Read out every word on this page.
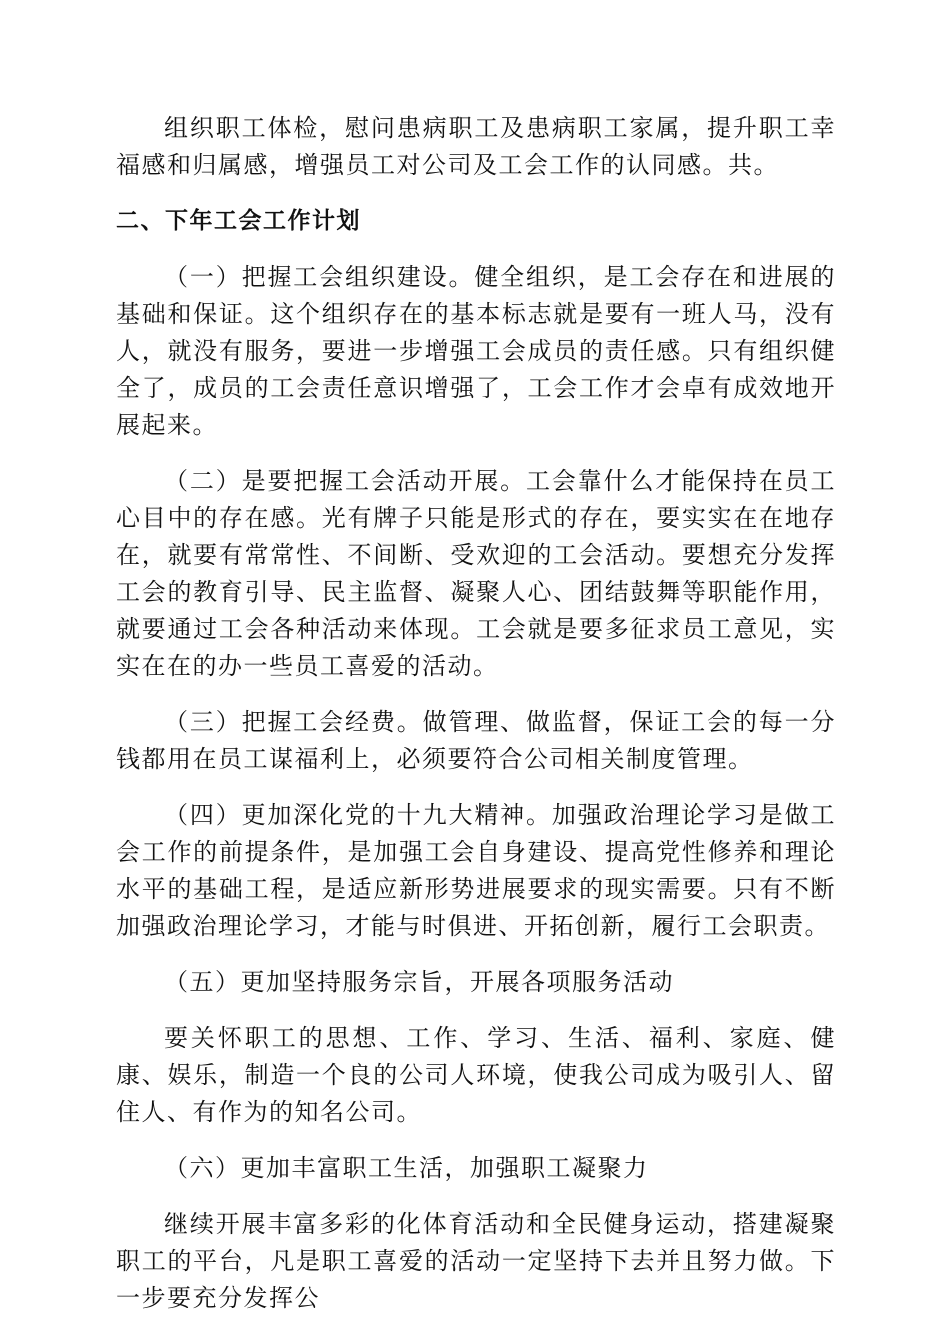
组织职工体检，慰问患病职工及患病职工家属，提升职工幸福感和归属感，增强员工对公司及工会工作的认同感。共。

二、下年工会工作计划

（一）把握工会组织建设。健全组织，是工会存在和进展的基础和保证。这个组织存在的基本标志就是要有一班人马，没有人，就没有服务，要进一步增强工会成员的责任感。只有组织健全了，成员的工会责任意识增强了，工会工作才会卓有成效地开展起来。

（二）是要把握工会活动开展。工会靠什么才能保持在员工心目中的存在感。光有牌子只能是形式的存在，要实实在在地存在，就要有常常性、不间断、受欢迎的工会活动。要想充分发挥工会的教育引导、民主监督、凝聚人心、团结鼓舞等职能作用，就要通过工会各种活动来体现。工会就是要多征求员工意见，实实在在的办一些员工喜爱的活动。

（三）把握工会经费。做管理、做监督，保证工会的每一分钱都用在员工谋福利上，必须要符合公司相关制度管理。

（四）更加深化党的十九大精神。加强政治理论学习是做工会工作的前提条件，是加强工会自身建设、提高党性修养和理论水平的基础工程，是适应新形势进展要求的现实需要。只有不断加强政治理论学习，才能与时俱进、开拓创新，履行工会职责。

（五）更加坚持服务宗旨，开展各项服务活动

要关怀职工的思想、工作、学习、生活、福利、家庭、健康、娱乐，制造一个良的公司人环境，使我公司成为吸引人、留住人、有作为的知名公司。

（六）更加丰富职工生活，加强职工凝聚力

继续开展丰富多彩的化体育活动和全民健身运动，搭建凝聚职工的平台，凡是职工喜爱的活动一定坚持下去并且努力做。下一步要充分发挥公
